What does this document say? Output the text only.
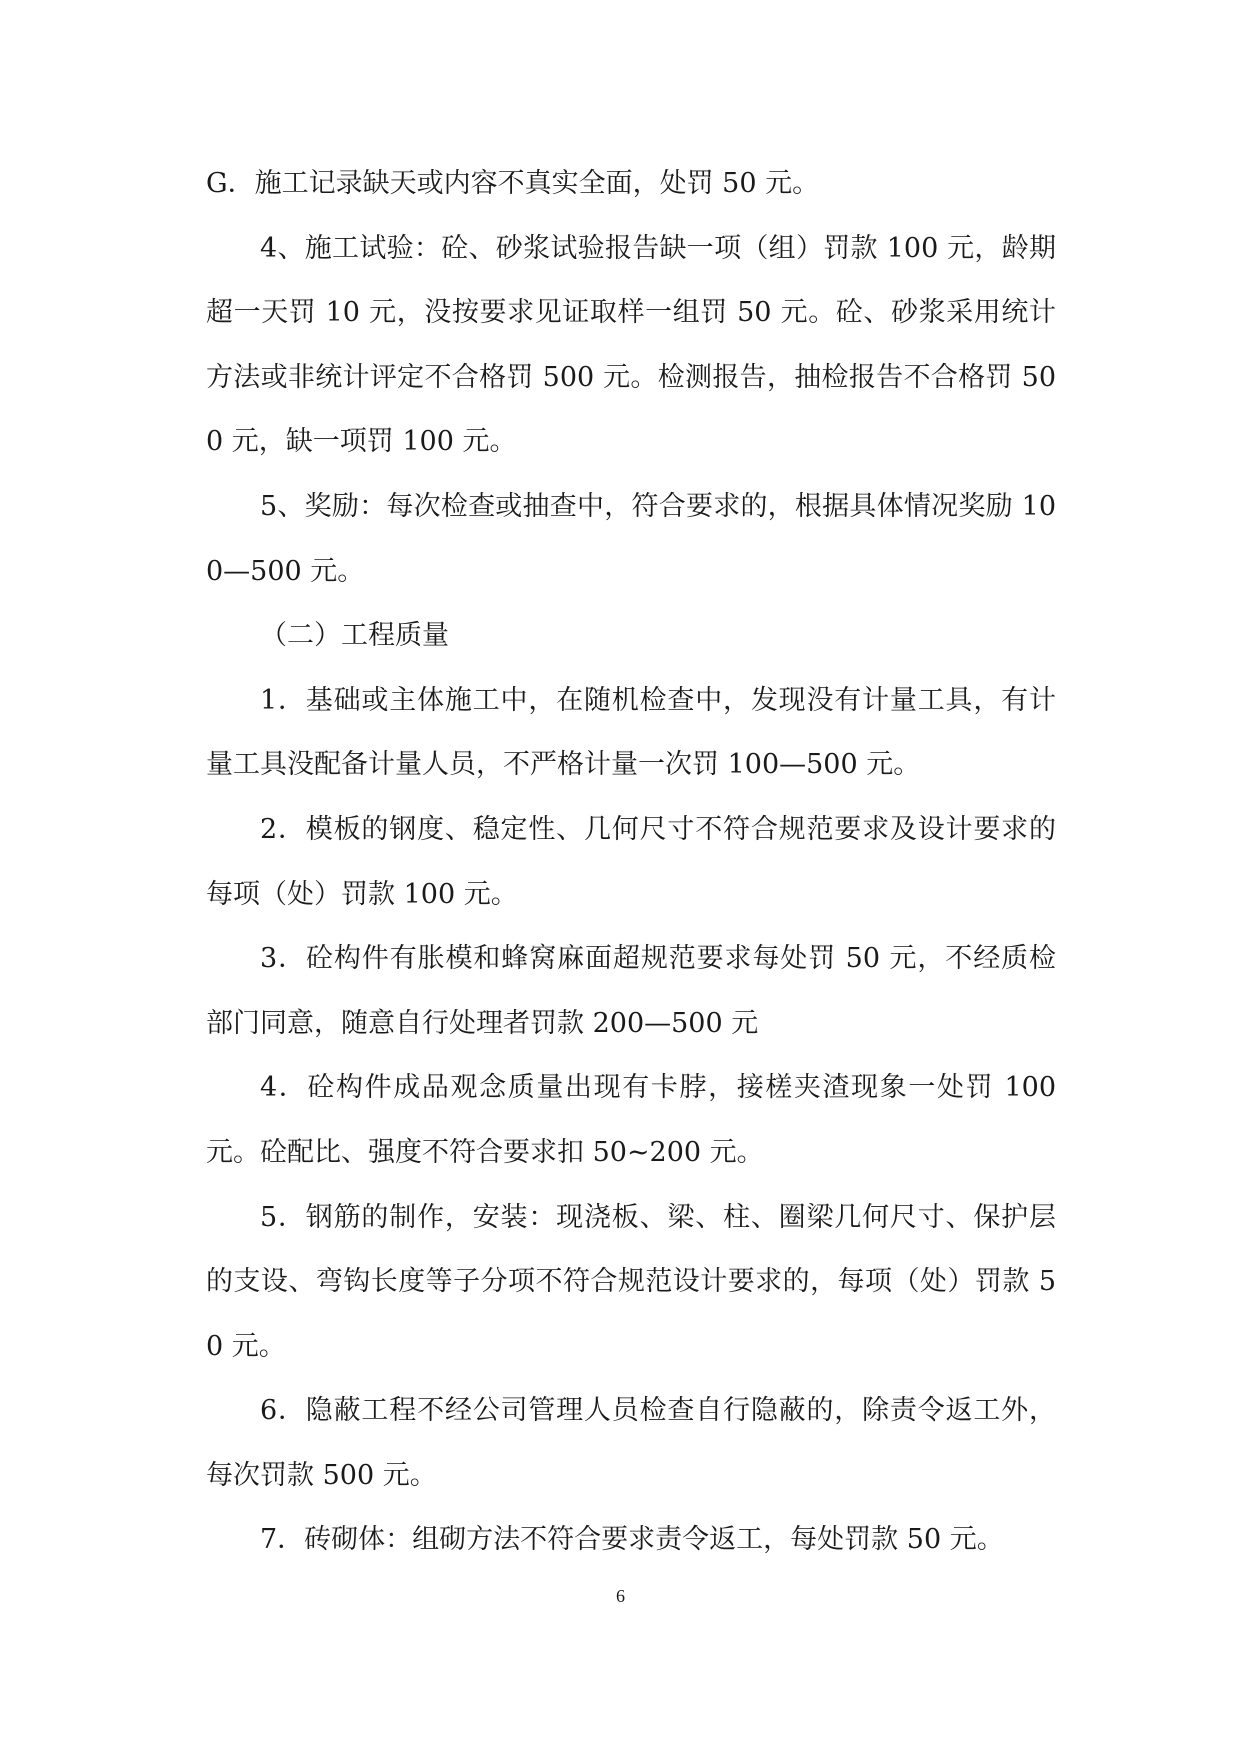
G．施工记录缺天或内容不真实全面，处罚 50 元。

4、施工试验：砼、砂浆试验报告缺一项（组）罚款 100 元，龄期超一天罚 10 元，没按要求见证取样一组罚 50 元。砼、砂浆采用统计方法或非统计评定不合格罚 500 元。检测报告，抽检报告不合格罚 500 元，缺一项罚 100 元。

5、奖励：每次检查或抽查中，符合要求的，根据具体情况奖励 100—500 元。

（二）工程质量

1．基础或主体施工中，在随机检查中，发现没有计量工具，有计量工具没配备计量人员，不严格计量一次罚 100—500 元。

2．模板的钢度、稳定性、几何尺寸不符合规范要求及设计要求的每项（处）罚款 100 元。

3．砼构件有胀模和蜂窝麻面超规范要求每处罚 50 元，不经质检部门同意，随意自行处理者罚款 200—500 元

4．砼构件成品观念质量出现有卡脖，接槎夹渣现象一处罚 100 元。砼配比、强度不符合要求扣 50~200 元。

5．钢筋的制作，安装：现浇板、梁、柱、圈梁几何尺寸、保护层的支设、弯钩长度等子分项不符合规范设计要求的，每项（处）罚款 50 元。

6．隐蔽工程不经公司管理人员检查自行隐蔽的，除责令返工外，每次罚款 500 元。

7．砖砌体：组砌方法不符合要求责令返工，每处罚款 50 元。

6
